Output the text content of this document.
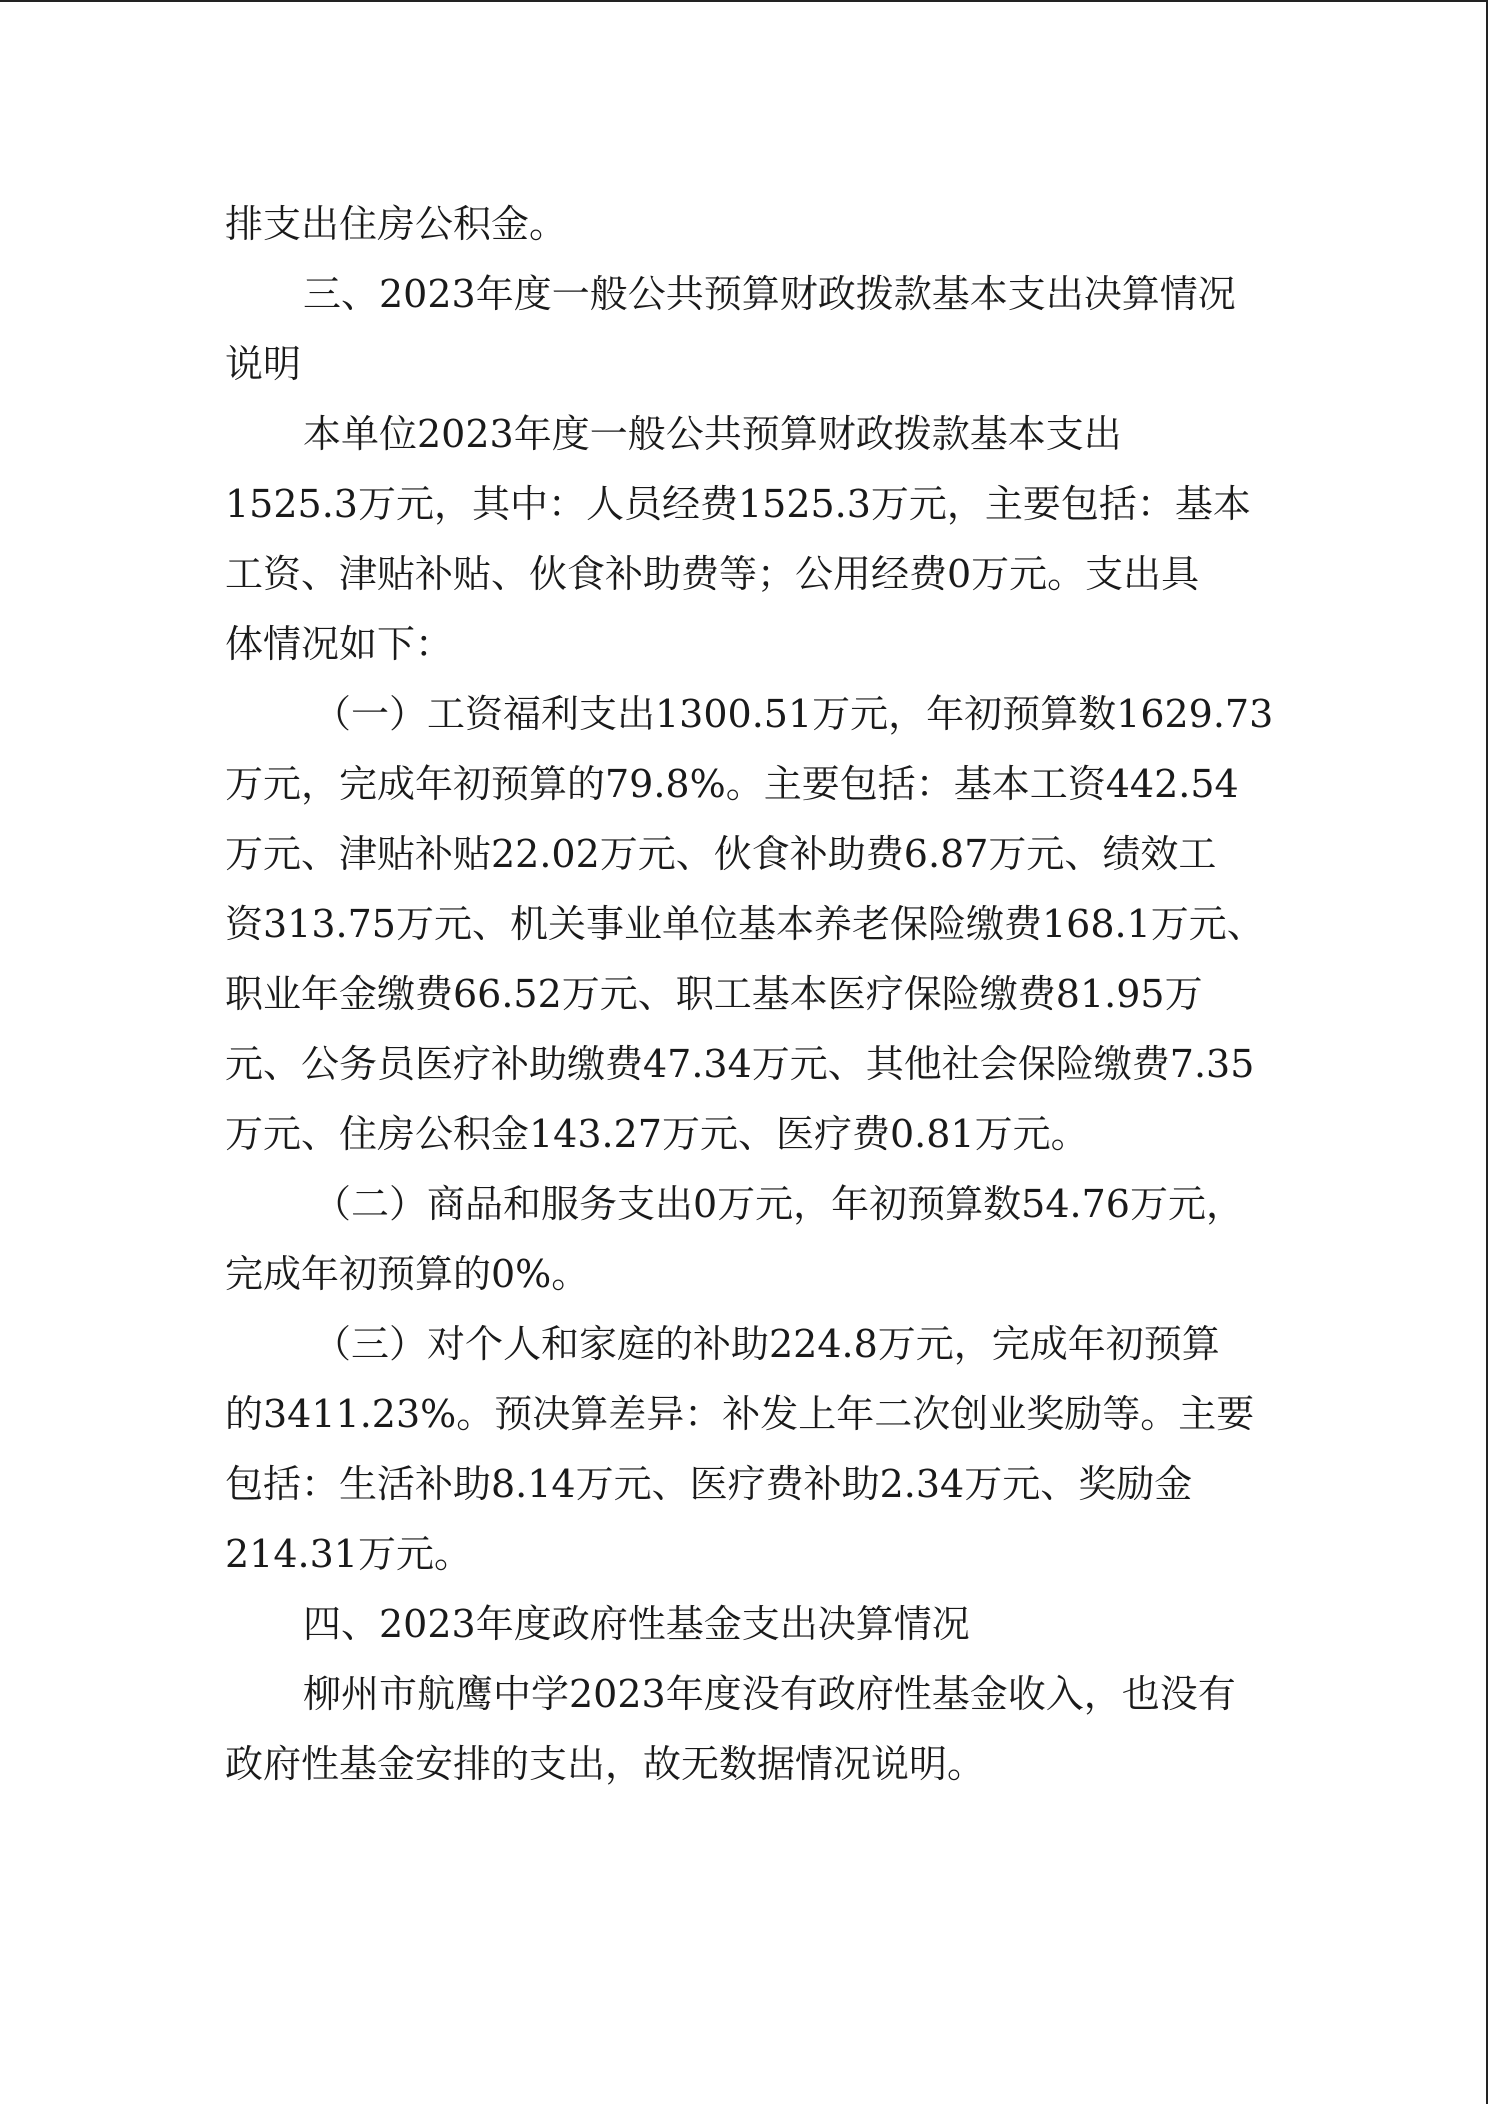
排支出住房公积金。
三、2023年度一般公共预算财政拨款基本支出决算情况
说明
本单位2023年度一般公共预算财政拨款基本支出
1525.3万元，其中：人员经费1525.3万元，主要包括：基本
工资、津贴补贴、伙食补助费等；公用经费0万元。支出具
体情况如下：
（一）工资福利支出1300.51万元，年初预算数1629.73
万元，完成年初预算的79.8%。主要包括：基本工资442.54
万元、津贴补贴22.02万元、伙食补助费6.87万元、绩效工
资313.75万元、机关事业单位基本养老保险缴费168.1万元、
职业年金缴费66.52万元、职工基本医疗保险缴费81.95万
元、公务员医疗补助缴费47.34万元、其他社会保险缴费7.35
万元、住房公积金143.27万元、医疗费0.81万元。
（二）商品和服务支出0万元，年初预算数54.76万元，
完成年初预算的0%。
（三）对个人和家庭的补助224.8万元，完成年初预算
的3411.23%。预决算差异：补发上年二次创业奖励等。主要
包括：生活补助8.14万元、医疗费补助2.34万元、奖励金
214.31万元。
四、2023年度政府性基金支出决算情况
柳州市航鹰中学2023年度没有政府性基金收入，也没有
政府性基金安排的支出，故无数据情况说明。
